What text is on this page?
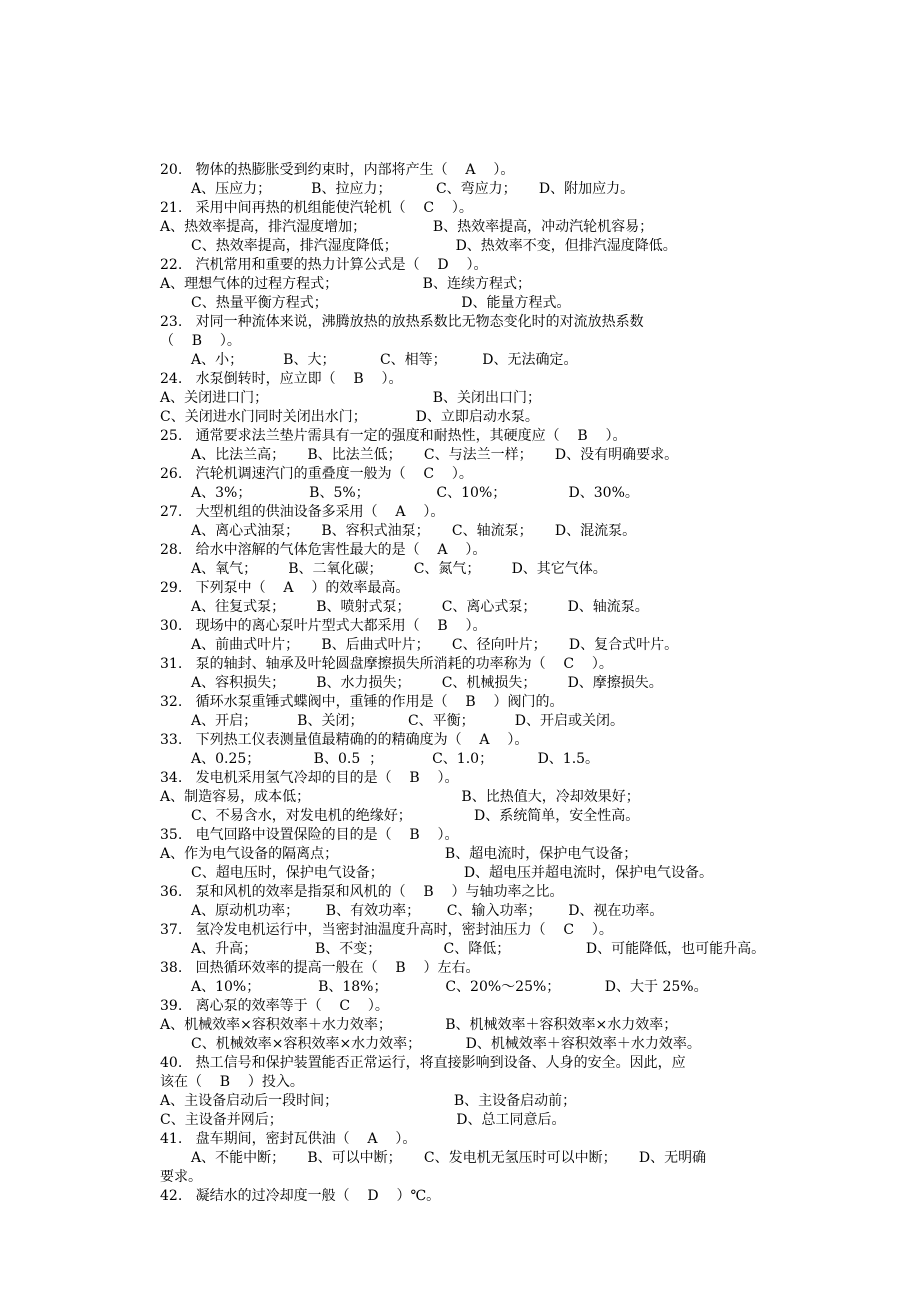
20.   物体的热膨胀受到约束时，内部将产生（    A    ）。
A、压应力；         B、拉应力；          C、弯应力；     D、附加应力。
21.   采用中间再热的机组能使汽轮机（    C    ）。
A、热效率提高，排汽湿度增加；               B、热效率提高，冲动汽轮机容易；
C、热效率提高，排汽湿度降低；             D、热效率不变，但排汽湿度降低。
22.   汽机常用和重要的热力计算公式是（    D    ）。
A、理想气体的过程方程式；                   B、连续方程式；
C、热量平衡方程式；                              D、能量方程式。
23.   对同一种流体来说，沸腾放热的放热系数比无物态变化时的对流放热系数
（    B    ）。
A、小；         B、大；          C、相等；        D、无法确定。
24.   水泵倒转时，应立即（    B    ）。
A、关闭进口门；                                     B、关闭出口门；
C、关闭进水门同时关闭出水门；           D、立即启动水泵。
25.   通常要求法兰垫片需具有一定的强度和耐热性，其硬度应（    B    ）。
A、比法兰高；     B、比法兰低；     C、与法兰一样；     D、没有明确要求。
26.   汽轮机调速汽门的重叠度一般为（    C    ）。
A、3%；             B、5%；               C、10%；              D、30%。
27.   大型机组的供油设备多采用（    A    ）。
A、离心式油泵；     B、容积式油泵；     C、轴流泵；     D、混流泵。
28.   给水中溶解的气体危害性最大的是（    A    ）。
A、氧气；       B、二氧化碳；       C、氮气；       D、其它气体。
29.   下列泵中（    A    ）的效率最高。
A、往复式泵；       B、喷射式泵；       C、离心式泵；       D、轴流泵。
30.   现场中的离心泵叶片型式大都采用（    B    ）。
A、前曲式叶片；     B、后曲式叶片；     C、径向叶片；     D、复合式叶片。
31.   泵的轴封、轴承及叶轮圆盘摩擦损失所消耗的功率称为（    C    ）。
A、容积损失；       B、水力损失；       C、机械损失；       D、摩擦损失。
32.   循环水泵重锤式蝶阀中，重锤的作用是（    B    ）阀门的。
A、开启；         B、关闭；          C、平衡；         D、开启或关闭。
33.   下列热工仪表测量值最精确的的精确度为（    A    ）。
A、0.25；            B、0.5  ；           C、1.0；          D、1.5。
34.   发电机采用氢气冷却的目的是（    B    ）。
A、制造容易，成本低；                                  B、比热值大，冷却效果好；
C、不易含水，对发电机的绝缘好；              D、系统简单，安全性高。
35.   电气回路中设置保险的目的是（    B    ）。
A、作为电气设备的隔离点；                        B、超电流时，保护电气设备；
C、超电压时，保护电气设备；                  D、超电压并超电流时，保护电气设备。
36.   泵和风机的效率是指泵和风机的（    B    ）与轴功率之比。
A、原动机功率；      B、有效功率；      C、输入功率；      D、视在功率。
37.   氢冷发电机运行中，当密封油温度升高时，密封油压力（    C    ）。
A、升高；             B、不变；              C、降低；                 D、可能降低，也可能升高。
38.   回热循环效率的提高一般在（    B    ）左右。
A、10%；             B、18%；             C、20%～25%；          D、大于 25%。
39.   离心泵的效率等于（    C    ）。
A、机械效率×容积效率＋水力效率；            B、机械效率＋容积效率×水力效率；
C、机械效率×容积效率×水力效率；          D、机械效率＋容积效率＋水力效率。
40.   热工信号和保护装置能否正常运行，将直接影响到设备、人身的安全。因此，应
该在（    B    ）投入。
A、主设备启动后一段时间；                          B、主设备启动前；
C、主设备并网后；                                       D、总工同意后。
41.   盘车期间，密封瓦供油（    A    ）。
A、不能中断；     B、可以中断；     C、发电机无氢压时可以中断；     D、无明确
要求。
42.   凝结水的过冷却度一般（    D    ）℃。
